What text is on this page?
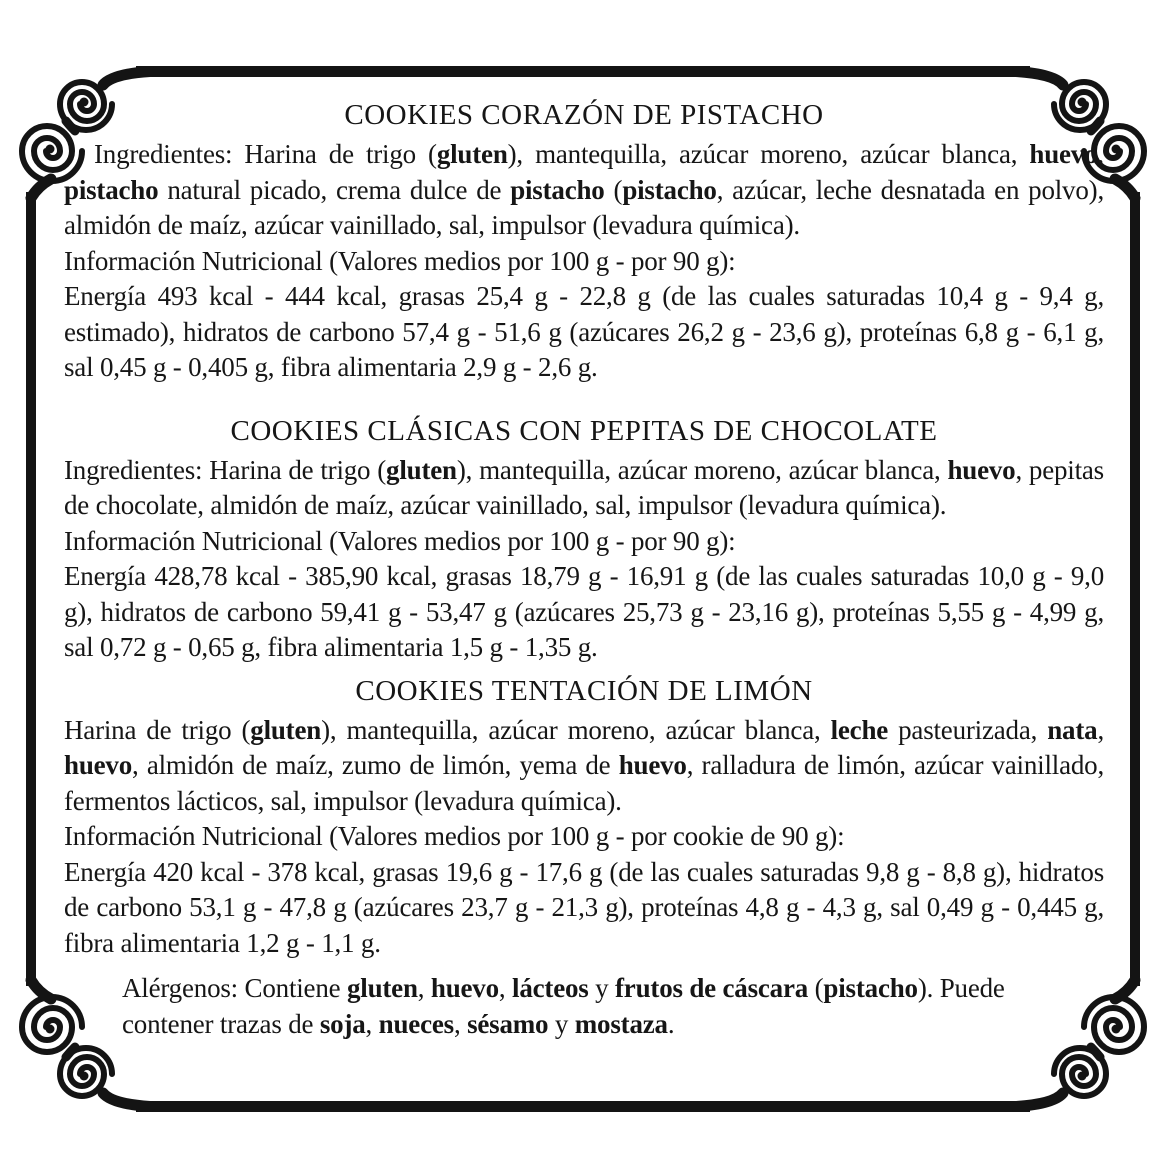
COOKIES CORAZÓN DE PISTACHO

Ingredientes: Harina de trigo (gluten), mantequilla, azúcar moreno, azúcar blanca, huevo, pistacho natural picado, crema dulce de pistacho (pistacho, azúcar, leche desnatada en polvo), almidón de maíz, azúcar vainillado, sal, impulsor (levadura química).

Información Nutricional (Valores medios por 100 g - por 90 g):

Energía 493 kcal - 444 kcal, grasas 25,4 g - 22,8 g (de las cuales saturadas 10,4 g - 9,4 g, estimado), hidratos de carbono 57,4 g - 51,6 g (azúcares 26,2 g - 23,6 g), proteínas 6,8 g - 6,1 g, sal 0,45 g - 0,405 g, fibra alimentaria 2,9 g - 2,6 g.

COOKIES CLÁSICAS CON PEPITAS DE CHOCOLATE

Ingredientes: Harina de trigo (gluten), mantequilla, azúcar moreno, azúcar blanca, huevo, pepitas de chocolate, almidón de maíz, azúcar vainillado, sal, impulsor (levadura química).

Información Nutricional (Valores medios por 100 g - por 90 g):

Energía 428,78 kcal - 385,90 kcal, grasas 18,79 g - 16,91 g (de las cuales saturadas 10,0 g - 9,0 g), hidratos de carbono 59,41 g - 53,47 g (azúcares 25,73 g - 23,16 g), proteínas 5,55 g - 4,99 g, sal 0,72 g - 0,65 g, fibra alimentaria 1,5 g - 1,35 g.

COOKIES TENTACIÓN DE LIMÓN

Harina de trigo (gluten), mantequilla, azúcar moreno, azúcar blanca, leche pasteurizada, nata, huevo, almidón de maíz, zumo de limón, yema de huevo, ralladura de limón, azúcar vainillado, fermentos lácticos, sal, impulsor (levadura química).

Información Nutricional (Valores medios por 100 g - por cookie de 90 g):

Energía 420 kcal - 378 kcal, grasas 19,6 g - 17,6 g (de las cuales saturadas 9,8 g - 8,8 g), hidratos de carbono 53,1 g - 47,8 g (azúcares 23,7 g - 21,3 g), proteínas 4,8 g - 4,3 g, sal 0,49 g - 0,445 g, fibra alimentaria 1,2 g - 1,1 g.

Alérgenos: Contiene gluten, huevo, lácteos y frutos de cáscara (pistacho). Puede contener trazas de soja, nueces, sésamo y mostaza.
